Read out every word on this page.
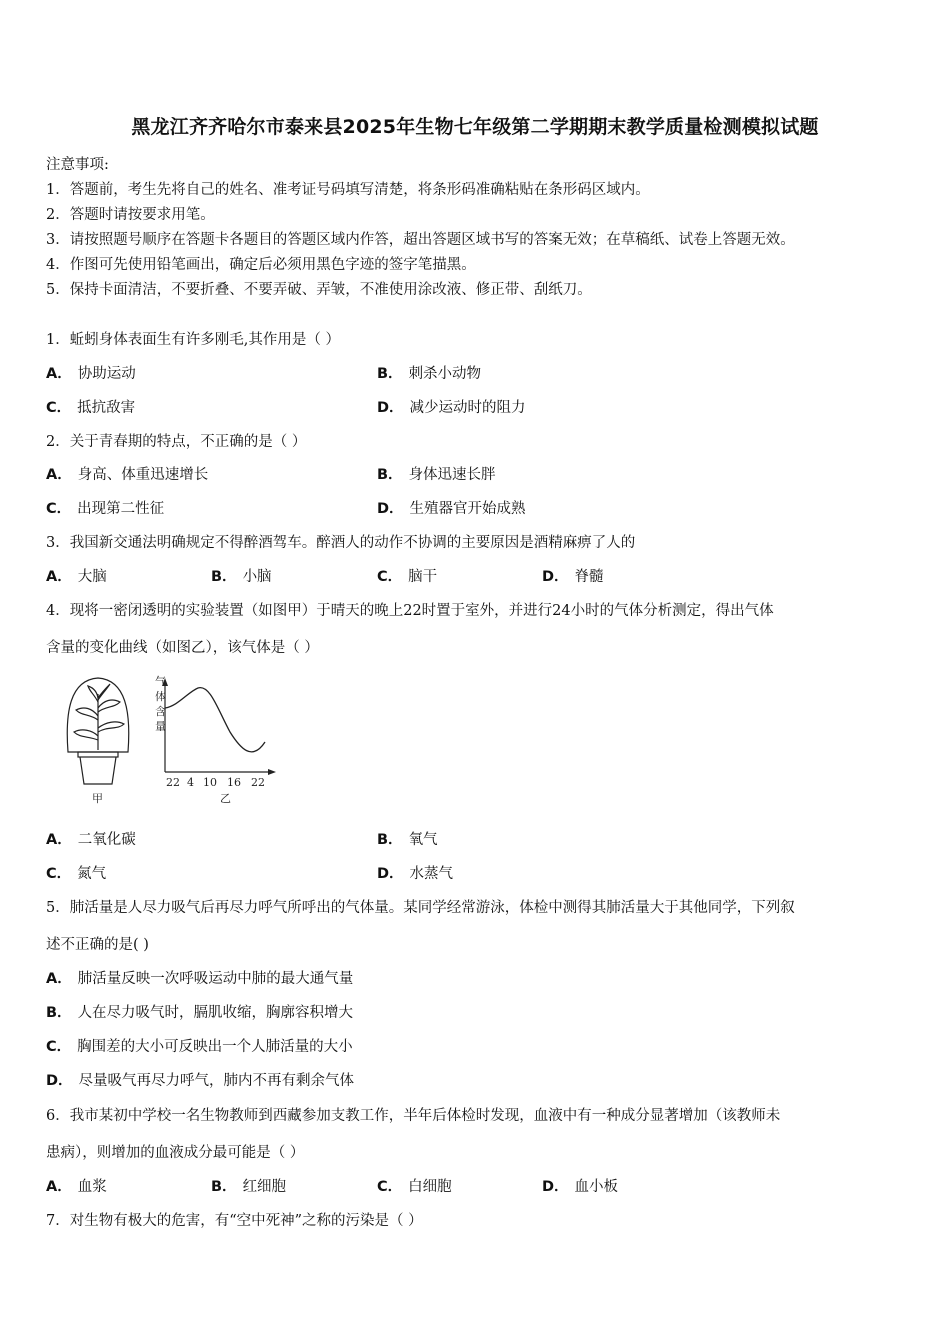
黑龙江齐齐哈尔市泰来县2025年生物七年级第二学期期末教学质量检测模拟试题
注意事项:
1．答题前，考生先将自己的姓名、准考证号码填写清楚，将条形码准确粘贴在条形码区域内。
2．答题时请按要求用笔。
3．请按照题号顺序在答题卡各题目的答题区域内作答，超出答题区域书写的答案无效；在草稿纸、试卷上答题无效。
4．作图可先使用铅笔画出，确定后必须用黑色字迹的签字笔描黑。
5．保持卡面清洁，不要折叠、不要弄破、弄皱，不准使用涂改液、修正带、刮纸刀。
1．蚯蚓身体表面生有许多刚毛,其作用是（ ）
A． 协助运动	B． 刺杀小动物
C． 抵抗敌害	D． 减少运动时的阻力
2．关于青春期的特点，不正确的是（ ）
A． 身高、体重迅速增长	B． 身体迅速长胖
C． 出现第二性征	D． 生殖器官开始成熟
3．我国新交通法明确规定不得醉酒驾车。醉酒人的动作不协调的主要原因是酒精麻痹了人的
A． 大脑	B． 小脑	C． 脑干	D． 脊髓
4．现将一密闭透明的实验装置（如图甲）于晴天的晚上22时置于室外，并进行24小时的气体分析测定，得出气体
含量的变化曲线（如图乙），该气体是（ ）
甲
气
体
含
量
22 4 10 16 22
乙
A． 二氧化碳	B． 氧气
C． 氮气	D． 水蒸气
5．肺活量是人尽力吸气后再尽力呼气所呼出的气体量。某同学经常游泳，体检中测得其肺活量大于其他同学，下列叙
述不正确的是( )
A． 肺活量反映一次呼吸运动中肺的最大通气量
B． 人在尽力吸气时，膈肌收缩，胸廓容积增大
C． 胸围差的大小可反映出一个人肺活量的大小
D． 尽量吸气再尽力呼气，肺内不再有剩余气体
6．我市某初中学校一名生物教师到西藏参加支教工作，半年后体检时发现，血液中有一种成分显著增加（该教师未
患病），则增加的血液成分最可能是（ ）
A． 血浆	B． 红细胞	C． 白细胞	D． 血小板
7．对生物有极大的危害，有“空中死神”之称的污染是（ ）
